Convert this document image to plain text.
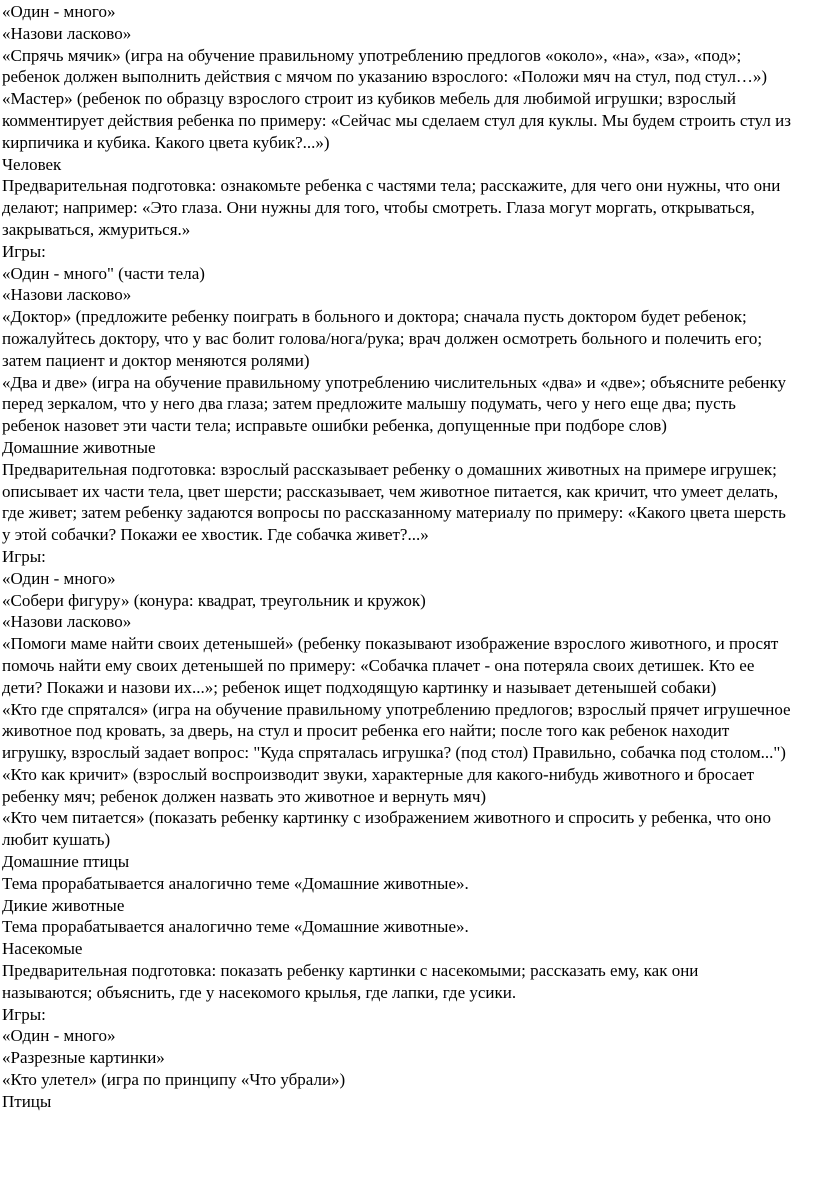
«Один - много»

«Назови ласково»

«Спрячь мячик» (игра на обучение правильному употреблению предлогов «около», «на», «за», «под»; ребенок должен выполнить действия с мячом по указанию взрослого: «Положи мяч на стул, под стул…»)

«Мастер» (ребенок по образцу взрослого строит из кубиков мебель для любимой игрушки; взрослый комментирует действия ребенка по примеру: «Сейчас мы сделаем стул для куклы. Мы будем строить стул из кирпичика и кубика. Какого цвета кубик?...»)

Человек

Предварительная подготовка: ознакомьте ребенка с частями тела; расскажите, для чего они нужны, что они делают; например: «Это глаза. Они нужны для того, чтобы смотреть. Глаза могут моргать, открываться, закрываться, жмуриться.»

Игры:

«Один - много" (части тела)

«Назови ласково»

«Доктор» (предложите ребенку поиграть в больного и доктора; сначала пусть доктором будет ребенок; пожалуйтесь доктору, что у вас болит голова/нога/рука; врач должен осмотреть больного и полечить его; затем пациент и доктор меняются ролями)

«Два и две» (игра на обучение правильному употреблению числительных «два» и «две»; объясните ребенку перед зеркалом, что у него два глаза; затем предложите малышу подумать, чего у него еще два; пусть ребенок назовет эти части тела; исправьте ошибки ребенка, допущенные при подборе слов)

Домашние животные

Предварительная подготовка: взрослый рассказывает ребенку о домашних животных на примере игрушек; описывает их части тела, цвет шерсти; рассказывает, чем животное питается, как кричит, что умеет делать, где живет; затем ребенку задаются вопросы по рассказанному материалу по примеру: «Какого цвета шерсть у этой собачки? Покажи ее хвостик. Где собачка живет?...»

Игры:

«Один - много»

«Собери фигуру» (конура: квадрат, треугольник и кружок)

«Назови ласково»

«Помоги маме найти своих детенышей» (ребенку показывают изображение взрослого животного, и просят помочь найти ему своих детенышей по примеру: «Собачка плачет - она потеряла своих детишек. Кто ее дети? Покажи и назови их...»; ребенок ищет подходящую картинку и называет детенышей собаки)

«Кто где спрятался» (игра на обучение правильному употреблению предлогов; взрослый прячет игрушечное животное под кровать, за дверь, на стул и просит ребенка его найти; после того как ребенок находит игрушку, взрослый задает вопрос: "Куда спряталась игрушка? (под стол) Правильно, собачка под столом...")

«Кто как кричит» (взрослый воспроизводит звуки, характерные для какого-нибудь животного и бросает ребенку мяч; ребенок должен назвать это животное и вернуть мяч)

«Кто чем питается» (показать ребенку картинку с изображением животного и спросить у ребенка, что оно любит кушать)

Домашние птицы

Тема прорабатывается аналогично теме «Домашние животные».

Дикие животные

Тема прорабатывается аналогично теме «Домашние животные».

Насекомые

Предварительная подготовка: показать ребенку картинки с насекомыми; рассказать ему, как они называются; объяснить, где у насекомого крылья, где лапки, где усики.

Игры:

«Один - много»

«Разрезные картинки»

«Кто улетел» (игра по принципу «Что убрали»)

Птицы
